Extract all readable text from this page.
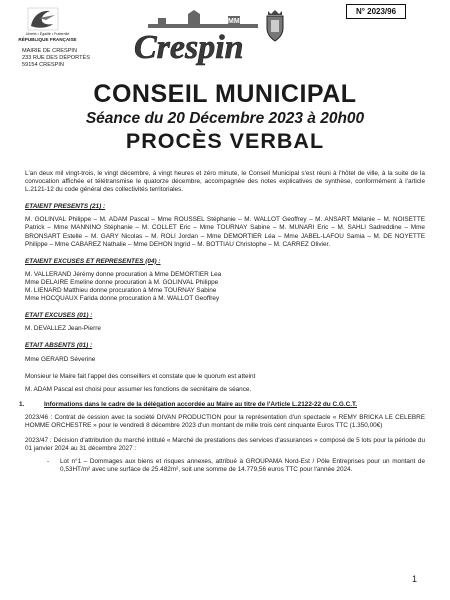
Liberté • Égalité • Fraternité
RÉPUBLIQUE FRANÇAISE
MAIRIE DE CRESPIN
233 RUE DES DÉPORTÉS
59154 CRESPIN
MMXV
Crespin
N° 2023/96
CONSEIL MUNICIPAL
Séance du 20 Décembre 2023 à 20h00
PROCÈS VERBAL

L'an deux mil vingt-trois, le vingt décembre, à vingt heures et zéro minute, le Conseil Municipal s'est réuni à l'hôtel de ville, à la suite de la convocation affichée et télétransmise le quatorze décembre, accompagnée des notes explicatives de synthèse, conformément à l'article L.2121-12 du code général des collectivités territoriales.

ETAIENT PRESENTS (21) :

M. GOLINVAL Philippe – M. ADAM Pascal – Mme ROUSSEL Stéphanie – M. WALLOT Geoffrey – M. ANSART Mélanie – M. NOISETTE Patrick – Mme MANNINO Stéphanie – M. COLLET Eric – Mme TOURNAY Sabine – M. MUNARI Eric – M. SAHLI Sadreddine – Mme BRONSART Estelle – M. GARY Nicolas – M. ROLI Jordan – Mme DEMORTIER Léa – Mme JABEL-LAFOU Samia – M. DE NOYETTE Philippe – Mme CABAREZ Nathalie – Mme DEHON Ingrid – M. BOTTIAU Christophe – M. CARREZ Olivier.

ETAIENT EXCUSES ET REPRESENTES (04) :

M. VALLERAND Jérémy donne procuration à Mme DEMORTIER Lea

Mme DELAIRE Emeline donne procuration à M. GOLINVAL Philippe

M. LIENARD Matthieu donne procuration à Mme TOURNAY Sabine

Mme HOCQUAUX Farida donne procuration à M. WALLOT Geoffrey

ETAIT EXCUSES (01) :

M. DEVALLEZ Jean-Pierre

ETAIT ABSENTS (01) :

Mme GERARD Séverine

Monsieur le Maire fait l'appel des conseillers et constate que le quorum est atteint

M. ADAM Pascal est choisi pour assumer les fonctions de secrétaire de séance.

1.	Informations dans le cadre de la délégation accordée au Maire au titre de l'Article L.2122-22 du C.G.C.T.

2023/46 : Contrat de cession avec la société DIVAN PRODUCTION pour la représentation d'un spectacle « REMY BRICKA LE CELEBRE HOMME ORCHESTRE » pour le vendredi 8 décembre 2023 d'un montant de mille trois cent cinquante Euros TTC (1.350,00€)

2023/47 : Décision d'attribution du marché intitulé « Marché de prestations des services d'assurances » composé de 5 lots pour la période du 01 janvier 2024 au 31 décembre 2027 :

-	Lot n°1 – Dommages aux biens et risques annexes, attribué à GROUPAMA Nord-Est / Pôle Entreprises pour un montant de 0,53HT/m² avec une surface de 25.482m², soit une somme de 14.779,56 euros TTC pour l'année 2024.
1
